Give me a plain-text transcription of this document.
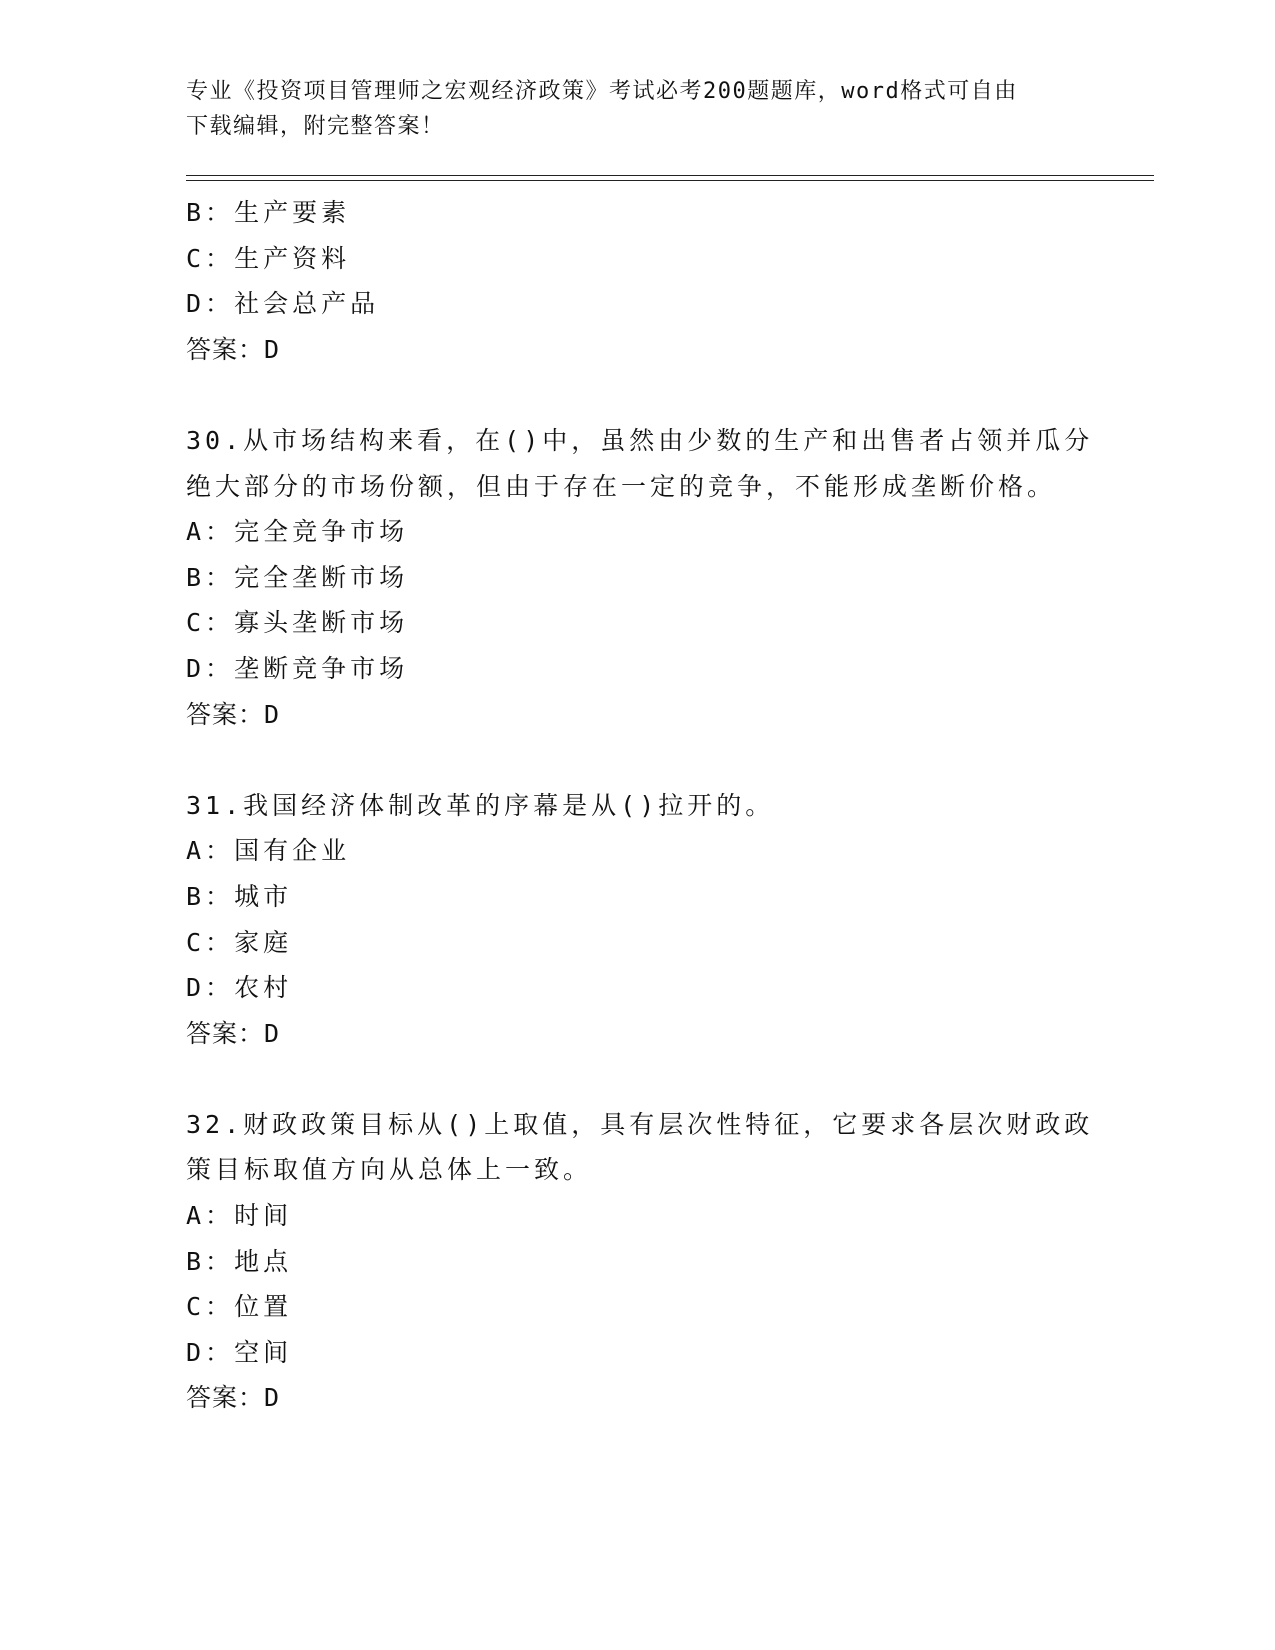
专业《投资项目管理师之宏观经济政策》考试必考200题题库，word格式可自由
下载编辑，附完整答案！
B：生产要素
C：生产资料
D：社会总产品
答案：D
30.从市场结构来看，在()中，虽然由少数的生产和出售者占领并瓜分
绝大部分的市场份额，但由于存在一定的竞争，不能形成垄断价格。
A：完全竞争市场
B：完全垄断市场
C：寡头垄断市场
D：垄断竞争市场
答案：D
31.我国经济体制改革的序幕是从()拉开的。
A：国有企业
B：城市
C：家庭
D：农村
答案：D
32.财政政策目标从()上取值，具有层次性特征，它要求各层次财政政
策目标取值方向从总体上一致。
A：时间
B：地点
C：位置
D：空间
答案：D
